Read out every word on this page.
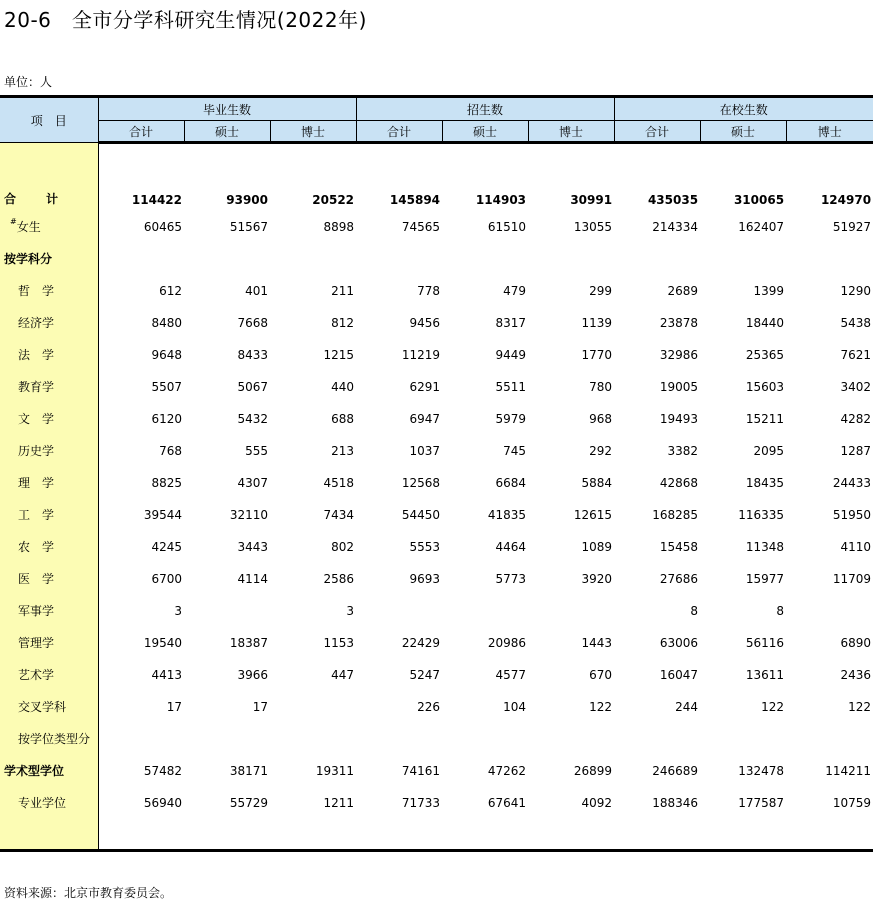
20-6　全市分学科研究生情况(2022年)
单位：人
项目	毕业生数			招生数			在校生数		
	合计	硕士	博士	合计	硕士	博士	合计	硕士	博士

合计	114422	93900	20522	145894	114903	30991	435035	310065	124970
#女生	60465	51567	8898	74565	61510	13055	214334	162407	51927
按学科分									
哲　学	612	401	211	778	479	299	2689	1399	1290
经济学	8480	7668	812	9456	8317	1139	23878	18440	5438
法　学	9648	8433	1215	11219	9449	1770	32986	25365	7621
教育学	5507	5067	440	6291	5511	780	19005	15603	3402
文　学	6120	5432	688	6947	5979	968	19493	15211	4282
历史学	768	555	213	1037	745	292	3382	2095	1287
理　学	8825	4307	4518	12568	6684	5884	42868	18435	24433
工　学	39544	32110	7434	54450	41835	12615	168285	116335	51950
农　学	4245	3443	802	5553	4464	1089	15458	11348	4110
医　学	6700	4114	2586	9693	5773	3920	27686	15977	11709
军事学	3		3				8	8	
管理学	19540	18387	1153	22429	20986	1443	63006	56116	6890
艺术学	4413	3966	447	5247	4577	670	16047	13611	2436
交叉学科	17	17		226	104	122	244	122	122
按学位类型分									
学术型学位	57482	38171	19311	74161	47262	26899	246689	132478	114211
专业学位	56940	55729	1211	71733	67641	4092	188346	177587	10759

资料来源：北京市教育委员会。
